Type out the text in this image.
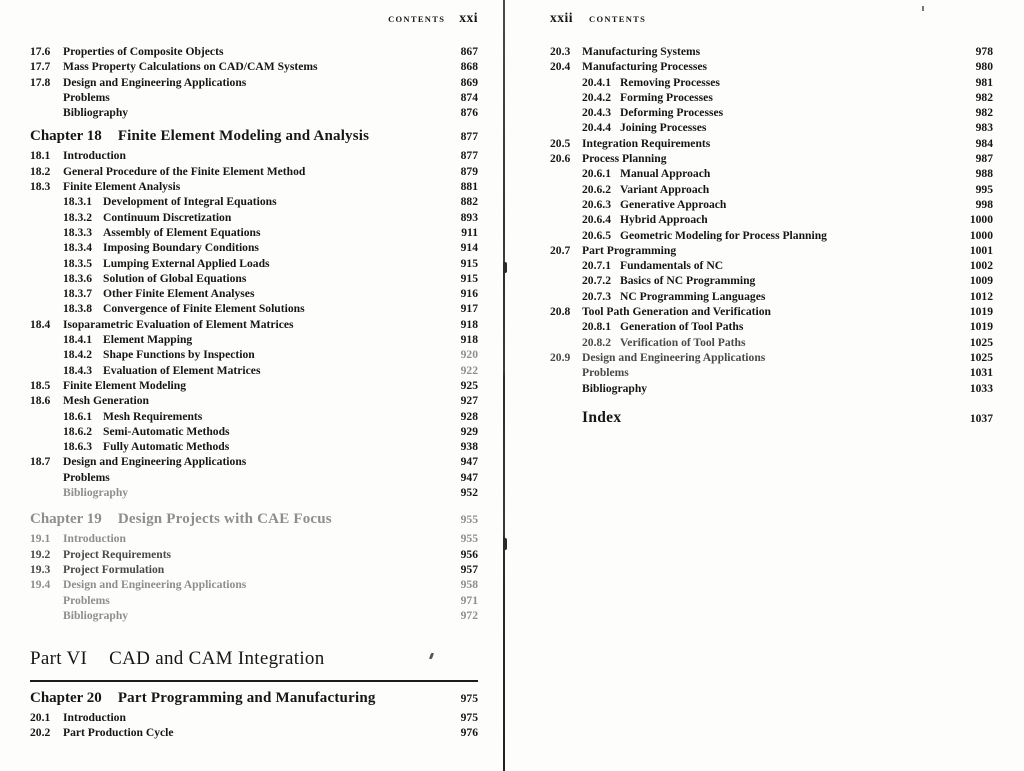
CONTENTS xxi
17.6	Properties of Composite Objects	867
17.7	Mass Property Calculations on CAD/CAM Systems	868
17.8	Design and Engineering Applications	869
Problems	874
Bibliography	876
Chapter 18 Finite Element Modeling and Analysis	877
18.1	Introduction	877
18.2	General Procedure of the Finite Element Method	879
18.3	Finite Element Analysis	881
18.3.1 Development of Integral Equations	882
18.3.2 Continuum Discretization	893
18.3.3 Assembly of Element Equations	911
18.3.4 Imposing Boundary Conditions	914
18.3.5 Lumping External Applied Loads	915
18.3.6 Solution of Global Equations	915
18.3.7 Other Finite Element Analyses	916
18.3.8 Convergence of Finite Element Solutions	917
18.4	Isoparametric Evaluation of Element Matrices	918
18.4.1 Element Mapping	918
18.4.2 Shape Functions by Inspection	920
18.4.3 Evaluation of Element Matrices	922
18.5	Finite Element Modeling	925
18.6	Mesh Generation	927
18.6.1 Mesh Requirements	928
18.6.2 Semi-Automatic Methods	929
18.6.3 Fully Automatic Methods	938
18.7	Design and Engineering Applications	947
Problems	947
Bibliography	952
Chapter 19 Design Projects with CAE Focus	955
19.1	Introduction	955
19.2	Project Requirements	956
19.3	Project Formulation	957
19.4	Design and Engineering Applications	958
Problems	971
Bibliography	972
Part VI CAD and CAM Integration
Chapter 20 Part Programming and Manufacturing	975
20.1	Introduction	975
20.2	Part Production Cycle	976
xxii CONTENTS
20.3	Manufacturing Systems	978
20.4	Manufacturing Processes	980
20.4.1 Removing Processes	981
20.4.2 Forming Processes	982
20.4.3 Deforming Processes	982
20.4.4 Joining Processes	983
20.5	Integration Requirements	984
20.6	Process Planning	987
20.6.1 Manual Approach	988
20.6.2 Variant Approach	995
20.6.3 Generative Approach	998
20.6.4 Hybrid Approach	1000
20.6.5 Geometric Modeling for Process Planning	1000
20.7	Part Programming	1001
20.7.1 Fundamentals of NC	1002
20.7.2 Basics of NC Programming	1009
20.7.3 NC Programming Languages	1012
20.8	Tool Path Generation and Verification	1019
20.8.1 Generation of Tool Paths	1019
20.8.2 Verification of Tool Paths	1025
20.9	Design and Engineering Applications	1025
Problems	1031
Bibliography	1033
Index	1037
